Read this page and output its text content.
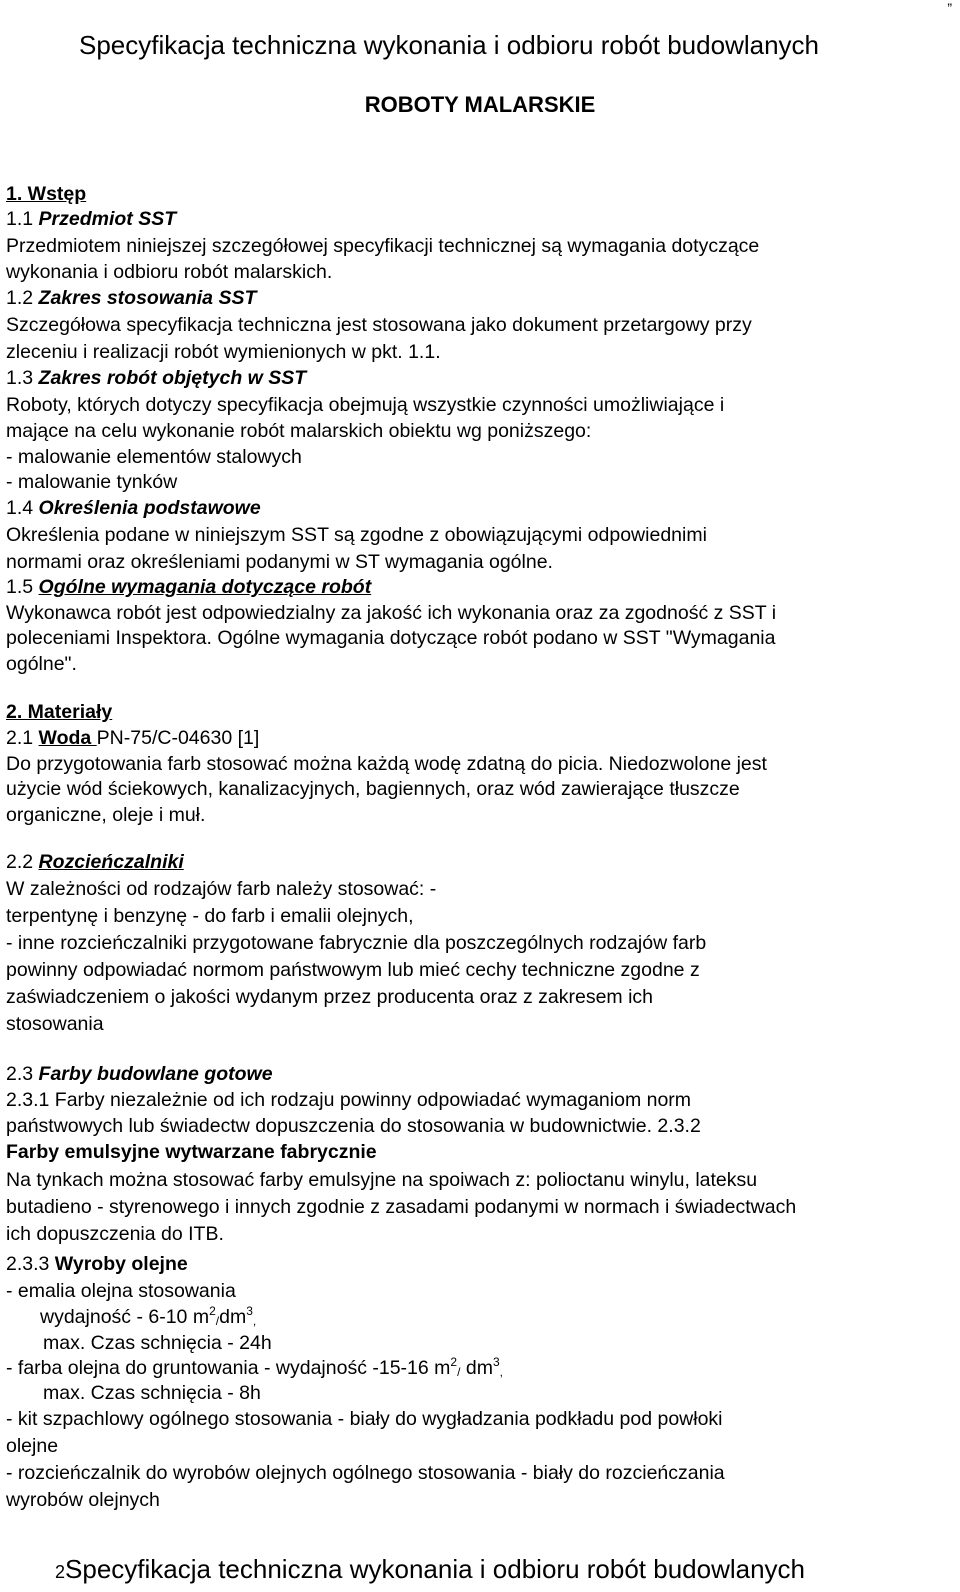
”
Specyfikacja techniczna wykonania i odbioru robót budowlanych
ROBOTY MALARSKIE
1. Wstęp
1.1 Przedmiot SST
Przedmiotem niniejszej szczegółowej specyfikacji technicznej są wymagania dotyczące
wykonania i odbioru robót malarskich.
1.2 Zakres stosowania SST
Szczegółowa specyfikacja techniczna jest stosowana jako dokument przetargowy przy
zleceniu i realizacji robót wymienionych w pkt. 1.1.
1.3 Zakres robót objętych w SST
Roboty, których dotyczy specyfikacja obejmują wszystkie czynności umożliwiające i
mające na celu wykonanie robót malarskich obiektu wg poniższego:
- malowanie elementów stalowych
- malowanie tynków
1.4 Określenia podstawowe
Określenia podane w niniejszym SST są zgodne z obowiązującymi odpowiednimi
normami oraz określeniami podanymi w ST wymagania ogólne.
1.5 Ogólne wymagania dotyczące robót
Wykonawca robót jest odpowiedzialny za jakość ich wykonania oraz za zgodność z SST i
poleceniami Inspektora. Ogólne wymagania dotyczące robót podano w SST "Wymagania
ogólne".
2. Materiały
2.1 Woda PN-75/C-04630 [1]
Do przygotowania farb stosować można każdą wodę zdatną do picia. Niedozwolone jest
użycie wód ściekowych, kanalizacyjnych, bagiennych, oraz wód zawierające tłuszcze
organiczne, oleje i muł.
2.2 Rozcieńczalniki
W zależności od rodzajów farb należy stosować: -
terpentynę i benzynę - do farb i emalii olejnych,
- inne rozcieńczalniki przygotowane fabrycznie dla poszczególnych rodzajów farb
powinny odpowiadać normom państwowym lub mieć cechy techniczne zgodne z
zaświadczeniem o jakości wydanym przez producenta oraz z zakresem ich
stosowania
2.3 Farby budowlane gotowe
2.3.1 Farby niezależnie od ich rodzaju powinny odpowiadać wymaganiom norm
państwowych lub świadectw dopuszczenia do stosowania w budownictwie. 2.3.2
Farby emulsyjne wytwarzane fabrycznie
Na tynkach można stosować farby emulsyjne na spoiwach z: polioctanu winylu, lateksu
butadieno - styrenowego i innych zgodnie z zasadami podanymi w normach i świadectwach
ich dopuszczenia do ITB.
2.3.3 Wyroby olejne
- emalia olejna stosowania
wydajność - 6-10 $m^2_/dm^3_,$
max. Czas schnięcia - 24h
- farba olejna do gruntowania - wydajność -15-16 $m^2_/$ $dm^3_,$
max. Czas schnięcia - 8h
- kit szpachlowy ogólnego stosowania - biały do wygładzania podkładu pod powłoki
olejne
- rozcieńczalnik do wyrobów olejnych ogólnego stosowania - biały do rozcieńczania
wyrobów olejnych
2Specyfikacja techniczna wykonania i odbioru robót budowlanych
